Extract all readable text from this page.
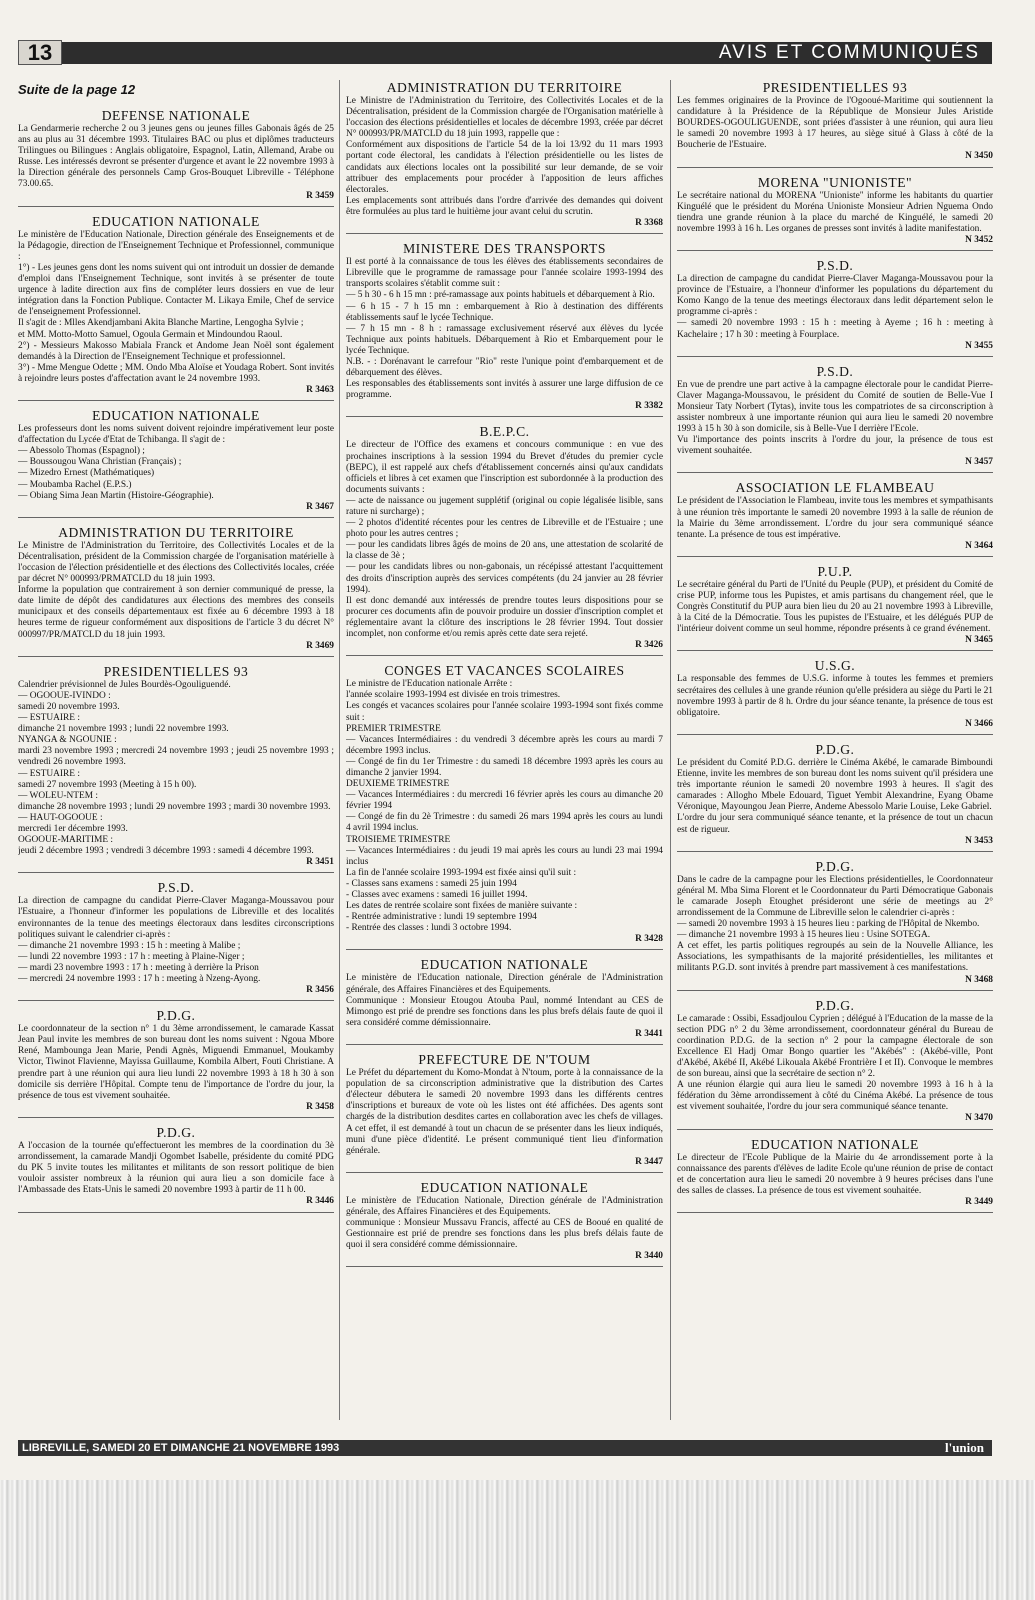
13	AVIS ET COMMUNIQUÉS
Suite de la page 12
DEFENSE NATIONALE

La Gendarmerie recherche 2 ou 3 jeunes gens ou jeunes filles Gabonais âgés de 25 ans au plus au 31 décembre 1993. Titulaires BAC ou plus et diplômes traducteurs Trilingues ou Bilingues : Anglais obligatoire, Espagnol, Latin, Allemand, Arabe ou Russe. Les intéressés devront se présenter d'urgence et avant le 22 novembre 1993 à la Direction générale des personnels Camp Gros-Bouquet Libreville - Téléphone 73.00.65.

R 3459
EDUCATION NATIONALE

Le ministère de l'Education Nationale, Direction générale des Enseignements et de la Pédagogie, direction de l'Enseignement Technique et Professionnel, communique :

1°) - Les jeunes gens dont les noms suivent qui ont introduit un dossier de demande d'emploi dans l'Enseignement Technique, sont invités à se présenter de toute urgence à ladite direction aux fins de compléter leurs dossiers en vue de leur intégration dans la Fonction Publique. Contacter M. Likaya Emile, Chef de service de l'enseignement Professionnel.

Il s'agit de : Mlles Akendjambani Akita Blanche Martine, Lengogha Sylvie ;

et MM. Motto-Motto Samuel, Ogoula Germain et Mindoundou Raoul.

2°) - Messieurs Makosso Mabiala Franck et Andome Jean Noël sont également demandés à la Direction de l'Enseignement Technique et professionnel.

3°) - Mme Mengue Odette ; MM. Ondo Mba Aloïse et Youdaga Robert. Sont invités à rejoindre leurs postes d'affectation avant le 24 novembre 1993.

R 3463
EDUCATION NATIONALE

Les professeurs dont les noms suivent doivent rejoindre impérativement leur poste d'affectation du Lycée d'Etat de Tchibanga. Il s'agit de :

— Abessolo Thomas (Espagnol) ;

— Boussougou Wana Christian (Français) ;

— Mizedro Ernest (Mathématiques)

— Moubamba Rachel (E.P.S.)

— Obiang Sima Jean Martin (Histoire-Géographie).

R 3467
ADMINISTRATION DU TERRITOIRE

Le Ministre de l'Administration du Territoire, des Collectivités Locales et de la Décentralisation, président de la Commission chargée de l'organisation matérielle à l'occasion de l'élection présidentielle et des élections des Collectivités locales, créée par décret N° 000993/PRMATCLD du 18 juin 1993.

Informe la population que contrairement à son dernier communiqué de presse, la date limite de dépôt des candidatures aux élections des membres des conseils municipaux et des conseils départementaux est fixée au 6 décembre 1993 à 18 heures terme de rigueur conformément aux dispositions de l'article 3 du décret N° 000997/PR/MATCLD du 18 juin 1993.

R 3469
PRESIDENTIELLES 93

Calendrier prévisionnel de Jules Bourdès-Ogouliguendé.

— OGOOUE-IVINDO :

samedi 20 novembre 1993.

— ESTUAIRE :

dimanche 21 novembre 1993 ; lundi 22 novembre 1993.

NYANGA & NGOUNIE :

mardi 23 novembre 1993 ; mercredi 24 novembre 1993 ; jeudi 25 novembre 1993 ; vendredi 26 novembre 1993.

— ESTUAIRE :

samedi 27 novembre 1993 (Meeting à 15 h 00).

— WOLEU-NTEM :

dimanche 28 novembre 1993 ; lundi 29 novembre 1993 ; mardi 30 novembre 1993.

— HAUT-OGOOUE :

mercredi 1er décembre 1993.

OGOOUE-MARITIME :

jeudi 2 décembre 1993 ; vendredi 3 décembre 1993 : samedi 4 décembre 1993.

R 3451
P.S.D.

La direction de campagne du candidat Pierre-Claver Maganga-Moussavou pour l'Estuaire, a l'honneur d'informer les populations de Libreville et des localités environnantes de la tenue des meetings électoraux dans lesdites circonscriptions politiques suivant le calendrier ci-après :

— dimanche 21 novembre 1993 : 15 h : meeting à Malibe ;

— lundi 22 novembre 1993 : 17 h : meeting à Plaine-Niger ;

— mardi 23 novembre 1993 : 17 h : meeting à derrière la Prison

— mercredi 24 novembre 1993 : 17 h : meeting à Nzeng-Ayong.

R 3456
P.D.G.

Le coordonnateur de la section n° 1 du 3ème arrondissement, le camarade Kassat Jean Paul invite les membres de son bureau dont les noms suivent : Ngoua Mbore René, Mambounga Jean Marie, Pendi Agnès, Miguendi Emmanuel, Moukamby Victor, Tiwinot Flavienne, Mayissa Guillaume, Kombila Albert, Fouti Christiane. A prendre part à une réunion qui aura lieu lundi 22 novembre 1993 à 18 h 30 à son domicile sis derrière l'Hôpital. Compte tenu de l'importance de l'ordre du jour, la présence de tous est vivement souhaitée.

R 3458
P.D.G.

A l'occasion de la tournée qu'effectueront les membres de la coordination du 3è arrondissement, la camarade Mandji Ogombet Isabelle, présidente du comité PDG du PK 5 invite toutes les militantes et militants de son ressort politique de bien vouloir assister nombreux à la réunion qui aura lieu a son domicile face à l'Ambassade des Etats-Unis le samedi 20 novembre 1993 à partir de 11 h 00.

R 3446
ADMINISTRATION DU TERRITOIRE

Le Ministre de l'Administration du Territoire, des Collectivités Locales et de la Décentralisation, président de la Commission chargée de l'Organisation matérielle à l'occasion des élections présidentielles et locales de décembre 1993, créée par décret N° 000993/PR/MATCLD du 18 juin 1993, rappelle que :

Conformément aux dispositions de l'article 54 de la loi 13/92 du 11 mars 1993 portant code électoral, les candidats à l'élection présidentielle ou les listes de candidats aux élections locales ont la possibilité sur leur demande, de se voir attribuer des emplacements pour procéder à l'apposition de leurs affiches électorales.

Les emplacements sont attribués dans l'ordre d'arrivée des demandes qui doivent être formulées au plus tard le huitième jour avant celui du scrutin.

R 3368
MINISTERE DES TRANSPORTS

Il est porté à la connaissance de tous les élèves des établissements secondaires de Libreville que le programme de ramassage pour l'année scolaire 1993-1994 des transports scolaires s'établit comme suit :

— 5 h 30 - 6 h 15 mn : pré-ramassage aux points habituels et débarquement à Rio.

— 6 h 15 - 7 h 15 mn : embarquement à Rio à destination des différents établissements sauf le lycée Technique.

— 7 h 15 mn - 8 h : ramassage exclusivement réservé aux élèves du lycée Technique aux points habituels. Débarquement à Rio et Embarquement pour le lycée Technique.

N.B. - : Dorénavant le carrefour "Rio" reste l'unique point d'embarquement et de débarquement des élèves.

Les responsables des établissements sont invités à assurer une large diffusion de ce programme.

R 3382
B.E.P.C.

Le directeur de l'Office des examens et concours communique : en vue des prochaines inscriptions à la session 1994 du Brevet d'études du premier cycle (BEPC), il est rappelé aux chefs d'établissement concernés ainsi qu'aux candidats officiels et libres à cet examen que l'inscription est subordonnée à la production des documents suivants :

— acte de naissance ou jugement supplétif (original ou copie légalisée lisible, sans rature ni surcharge) ;

— 2 photos d'identité récentes pour les centres de Libreville et de l'Estuaire ; une photo pour les autres centres ;

— pour les candidats libres âgés de moins de 20 ans, une attestation de scolarité de la classe de 3è ;

— pour les candidats libres ou non-gabonais, un récépissé attestant l'acquittement des droits d'inscription auprès des services compétents (du 24 janvier au 28 février 1994).

Il est donc demandé aux intéressés de prendre toutes leurs dispositions pour se procurer ces documents afin de pouvoir produire un dossier d'inscription complet et réglementaire avant la clôture des inscriptions le 28 février 1994. Tout dossier incomplet, non conforme et/ou remis après cette date sera rejeté.

R 3426
CONGES ET VACANCES SCOLAIRES

Le ministre de l'Education nationale Arrête :

l'année scolaire 1993-1994 est divisée en trois trimestres.

Les congés et vacances scolaires pour l'année scolaire 1993-1994 sont fixés comme suit :

PREMIER TRIMESTRE

— Vacances Intermédiaires : du vendredi 3 décembre après les cours au mardi 7 décembre 1993 inclus.

— Congé de fin du 1er Trimestre : du samedi 18 décembre 1993 après les cours au dimanche 2 janvier 1994.

DEUXIEME TRIMESTRE

— Vacances Intermédiaires : du mercredi 16 février après les cours au dimanche 20 février 1994

— Congé de fin du 2è Trimestre : du samedi 26 mars 1994 après les cours au lundi 4 avril 1994 inclus.

TROISIEME TRIMESTRE

— Vacances Intermédiaires : du jeudi 19 mai après les cours au lundi 23 mai 1994 inclus

La fin de l'année scolaire 1993-1994 est fixée ainsi qu'il suit :

- Classes sans examens : samedi 25 juin 1994

- Classes avec examens : samedi 16 juillet 1994.

Les dates de rentrée scolaire sont fixées de manière suivante :

- Rentrée administrative : lundi 19 septembre 1994

- Rentrée des classes : lundi 3 octobre 1994.

R 3428
EDUCATION NATIONALE

Le ministère de l'Education nationale, Direction générale de l'Administration générale, des Affaires Financières et des Equipements.

Communique : Monsieur Etougou Atouba Paul, nommé Intendant au CES de Mimongo est prié de prendre ses fonctions dans les plus brefs délais faute de quoi il sera considéré comme démissionnaire.

R 3441
PREFECTURE DE N'TOUM

Le Préfet du département du Komo-Mondat à N'toum, porte à la connaissance de la population de sa circonscription administrative que la distribution des Cartes d'électeur débutera le samedi 20 novembre 1993 dans les différents centres d'inscriptions et bureaux de vote où les listes ont été affichées. Des agents sont chargés de la distribution desdites cartes en collaboration avec les chefs de villages. A cet effet, il est demandé à tout un chacun de se présenter dans les lieux indiqués, muni d'une pièce d'identité. Le présent communiqué tient lieu d'information générale.

R 3447
EDUCATION NATIONALE

Le ministère de l'Education Nationale, Direction générale de l'Administration générale, des Affaires Financières et des Equipements.

communique : Monsieur Mussavu Francis, affecté au CES de Booué en qualité de Gestionnaire est prié de prendre ses fonctions dans les plus brefs délais faute de quoi il sera considéré comme démissionnaire.

R 3440
PRESIDENTIELLES 93

Les femmes originaires de la Province de l'Ogooué-Maritime qui soutiennent la candidature à la Présidence de la République de Monsieur Jules Aristide BOURDES-OGOULIGUENDE, sont priées d'assister à une réunion, qui aura lieu le samedi 20 novembre 1993 à 17 heures, au siège situé à Glass à côté de la Boucherie de l'Estuaire.

N 3450
MORENA "UNIONISTE"

Le secrétaire national du MORENA "Unioniste" informe les habitants du quartier Kinguélé que le président du Moréna Unioniste Monsieur Adrien Nguema Ondo tiendra une grande réunion à la place du marché de Kinguélé, le samedi 20 novembre 1993 à 16 h. Les organes de presses sont invités à ladite manifestation.

N 3452
P.S.D.

La direction de campagne du candidat Pierre-Claver Maganga-Moussavou pour la province de l'Estuaire, a l'honneur d'informer les populations du département du Komo Kango de la tenue des meetings électoraux dans ledit département selon le programme ci-après :

— samedi 20 novembre 1993 : 15 h : meeting à Ayeme ; 16 h : meeting à Kachelaire ; 17 h 30 : meeting à Fourplace.

N 3455
P.S.D.

En vue de prendre une part active à la campagne électorale pour le candidat Pierre-Claver Maganga-Moussavou, le président du Comité de soutien de Belle-Vue I Monsieur Taty Norbert (Tytas), invite tous les compatriotes de sa circonscription à assister nombreux à une importante réunion qui aura lieu le samedi 20 novembre 1993 à 15 h 30 à son domicile, sis à Belle-Vue I derrière l'Ecole.

Vu l'importance des points inscrits à l'ordre du jour, la présence de tous est vivement souhaitée.

N 3457
ASSOCIATION LE FLAMBEAU

Le président de l'Association le Flambeau, invite tous les membres et sympathisants à une réunion très importante le samedi 20 novembre 1993 à la salle de réunion de la Mairie du 3ème arrondissement. L'ordre du jour sera communiqué séance tenante. La présence de tous est impérative.

N 3464
P.U.P.

Le secrétaire général du Parti de l'Unité du Peuple (PUP), et président du Comité de crise PUP, informe tous les Pupistes, et amis partisans du changement réel, que le Congrès Constitutif du PUP aura bien lieu du 20 au 21 novembre 1993 à Libreville, à la Cité de la Démocratie. Tous les pupistes de l'Estuaire, et les délégués PUP de l'intérieur doivent comme un seul homme, répondre présents à ce grand événement.

N 3465
U.S.G.

La responsable des femmes de U.S.G. informe à toutes les femmes et premiers secrétaires des cellules à une grande réunion qu'elle présidera au siège du Parti le 21 novembre 1993 à partir de 8 h. Ordre du jour séance tenante, la présence de tous est obligatoire.

N 3466
P.D.G.

Le président du Comité P.D.G. derrière le Cinéma Akébé, le camarade Bimboundi Etienne, invite les membres de son bureau dont les noms suivent qu'il présidera une très importante réunion le samedi 20 novembre 1993 à heures. Il s'agit des camarades : Allogho Mbele Edouard, Tiguet Yembit Alexandrine, Eyang Obame Véronique, Mayoungou Jean Pierre, Andeme Abessolo Marie Louise, Leke Gabriel.

L'ordre du jour sera communiqué séance tenante, et la présence de tout un chacun est de rigueur.

N 3453
P.D.G.

Dans le cadre de la campagne pour les Elections présidentielles, le Coordonnateur général M. Mba Sima Florent et le Coordonnateur du Parti Démocratique Gabonais le camarade Joseph Etoughet présideront une série de meetings au 2° arrondissement de la Commune de Libreville selon le calendrier ci-après :

— samedi 20 novembre 1993 à 15 heures lieu : parking de l'Hôpital de Nkembo.

— dimanche 21 novembre 1993 à 15 heures lieu : Usine SOTEGA.

A cet effet, les partis politiques regroupés au sein de la Nouvelle Alliance, les Associations, les sympathisants de la majorité présidentielles, les militantes et militants P.G.D. sont invités à prendre part massivement à ces manifestations.

N 3468
P.D.G.

Le camarade : Ossibi, Essadjoulou Cyprien ; délégué à l'Education de la masse de la section PDG n° 2 du 3ème arrondissement, coordonnateur général du Bureau de coordination P.D.G. de la section n° 2 pour la campagne électorale de son Excellence El Hadj Omar Bongo quartier les "Akébés" : (Akébé-ville, Pont d'Akébé, Akébé II, Akébé Likouala Akébé Frontrière I et II). Convoque le membres de son bureau, ainsi que la secrétaire de section n° 2.

A une réunion élargie qui aura lieu le samedi 20 novembre 1993 à 16 h à la fédération du 3ème arrondissement à côté du Cinéma Akébé. La présence de tous est vivement souhaitée, l'ordre du jour sera communiqué séance tenante.

N 3470
EDUCATION NATIONALE

Le directeur de l'Ecole Publique de la Mairie du 4e arrondissement porte à la connaissance des parents d'élèves de ladite Ecole qu'une réunion de prise de contact et de concertation aura lieu le samedi 20 novembre à 9 heures précises dans l'une des salles de classes. La présence de tous est vivement souhaitée.

R 3449
LIBREVILLE, SAMEDI 20 ET DIMANCHE 21 NOVEMBRE 1993	l'union
